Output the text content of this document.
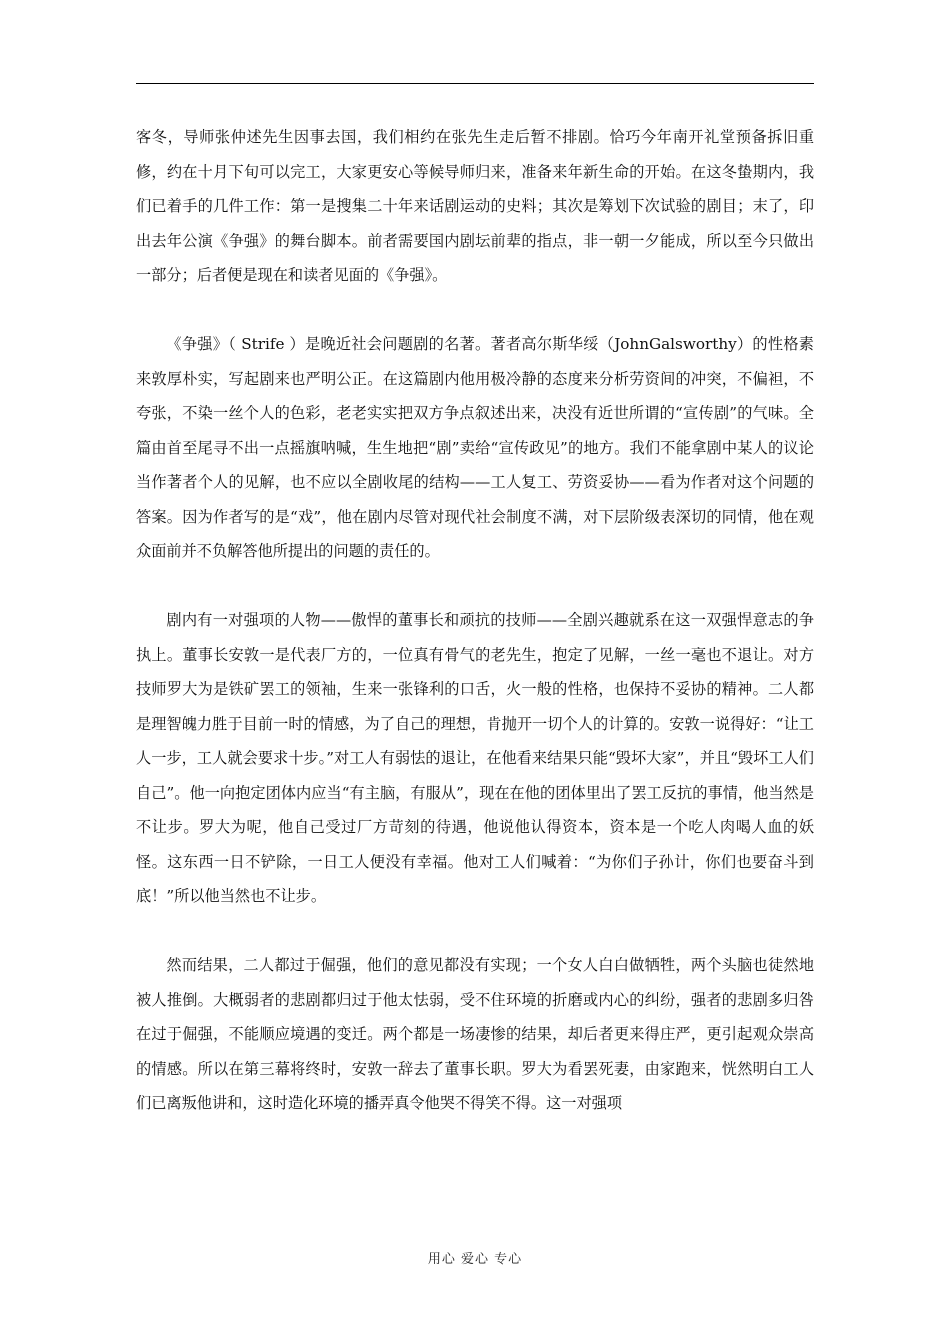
客冬，导师张仲述先生因事去国，我们相约在张先生走后暂不排剧。恰巧今年南开礼堂预备拆旧重修，约在十月下旬可以完工，大家更安心等候导师归来，准备来年新生命的开始。在这冬蛰期内，我们已着手的几件工作：第一是搜集二十年来话剧运动的史料；其次是筹划下次试验的剧目；末了，印出去年公演《争强》的舞台脚本。前者需要国内剧坛前辈的指点，非一朝一夕能成，所以至今只做出一部分；后者便是现在和读者见面的《争强》。

《争强》（ Strife ）是晚近社会问题剧的名著。著者高尔斯华绥（JohnGalsworthy）的性格素来敦厚朴实，写起剧来也严明公正。在这篇剧内他用极冷静的态度来分析劳资间的冲突，不偏袒，不夸张，不染一丝个人的色彩，老老实实把双方争点叙述出来，决没有近世所谓的“宣传剧”的气味。全篇由首至尾寻不出一点摇旗呐喊，生生地把“剧”卖给“宣传政见”的地方。我们不能拿剧中某人的议论当作著者个人的见解，也不应以全剧收尾的结构——工人复工、劳资妥协——看为作者对这个问题的答案。因为作者写的是“戏”，他在剧内尽管对现代社会制度不满，对下层阶级表深切的同情，他在观众面前并不负解答他所提出的问题的责任的。

剧内有一对强项的人物——傲悍的董事长和顽抗的技师——全剧兴趣就系在这一双强悍意志的争执上。董事长安敦一是代表厂方的，一位真有骨气的老先生，抱定了见解，一丝一毫也不退让。对方技师罗大为是铁矿罢工的领袖，生来一张锋利的口舌，火一般的性格，也保持不妥协的精神。二人都是理智魄力胜于目前一时的情感，为了自己的理想，肯抛开一切个人的计算的。安敦一说得好：“让工人一步，工人就会要求十步。”对工人有弱怯的退让，在他看来结果只能“毁坏大家”，并且“毁坏工人们自己”。他一向抱定团体内应当“有主脑，有服从”，现在在他的团体里出了罢工反抗的事情，他当然是不让步。罗大为呢，他自己受过厂方苛刻的待遇，他说他认得资本，资本是一个吃人肉喝人血的妖怪。这东西一日不铲除，一日工人便没有幸福。他对工人们喊着：“为你们子孙计，你们也要奋斗到底！”所以他当然也不让步。

然而结果，二人都过于倔强，他们的意见都没有实现；一个女人白白做牺牲，两个头脑也徒然地被人推倒。大概弱者的悲剧都归过于他太怯弱，受不住环境的折磨或内心的纠纷，强者的悲剧多归咎在过于倔强，不能顺应境遇的变迁。两个都是一场凄惨的结果，却后者更来得庄严，更引起观众崇高的情感。所以在第三幕将终时，安敦一辞去了董事长职。罗大为看罢死妻，由家跑来，恍然明白工人们已离叛他讲和，这时造化环境的播弄真令他哭不得笑不得。这一对强项

用心 爱心 专心
